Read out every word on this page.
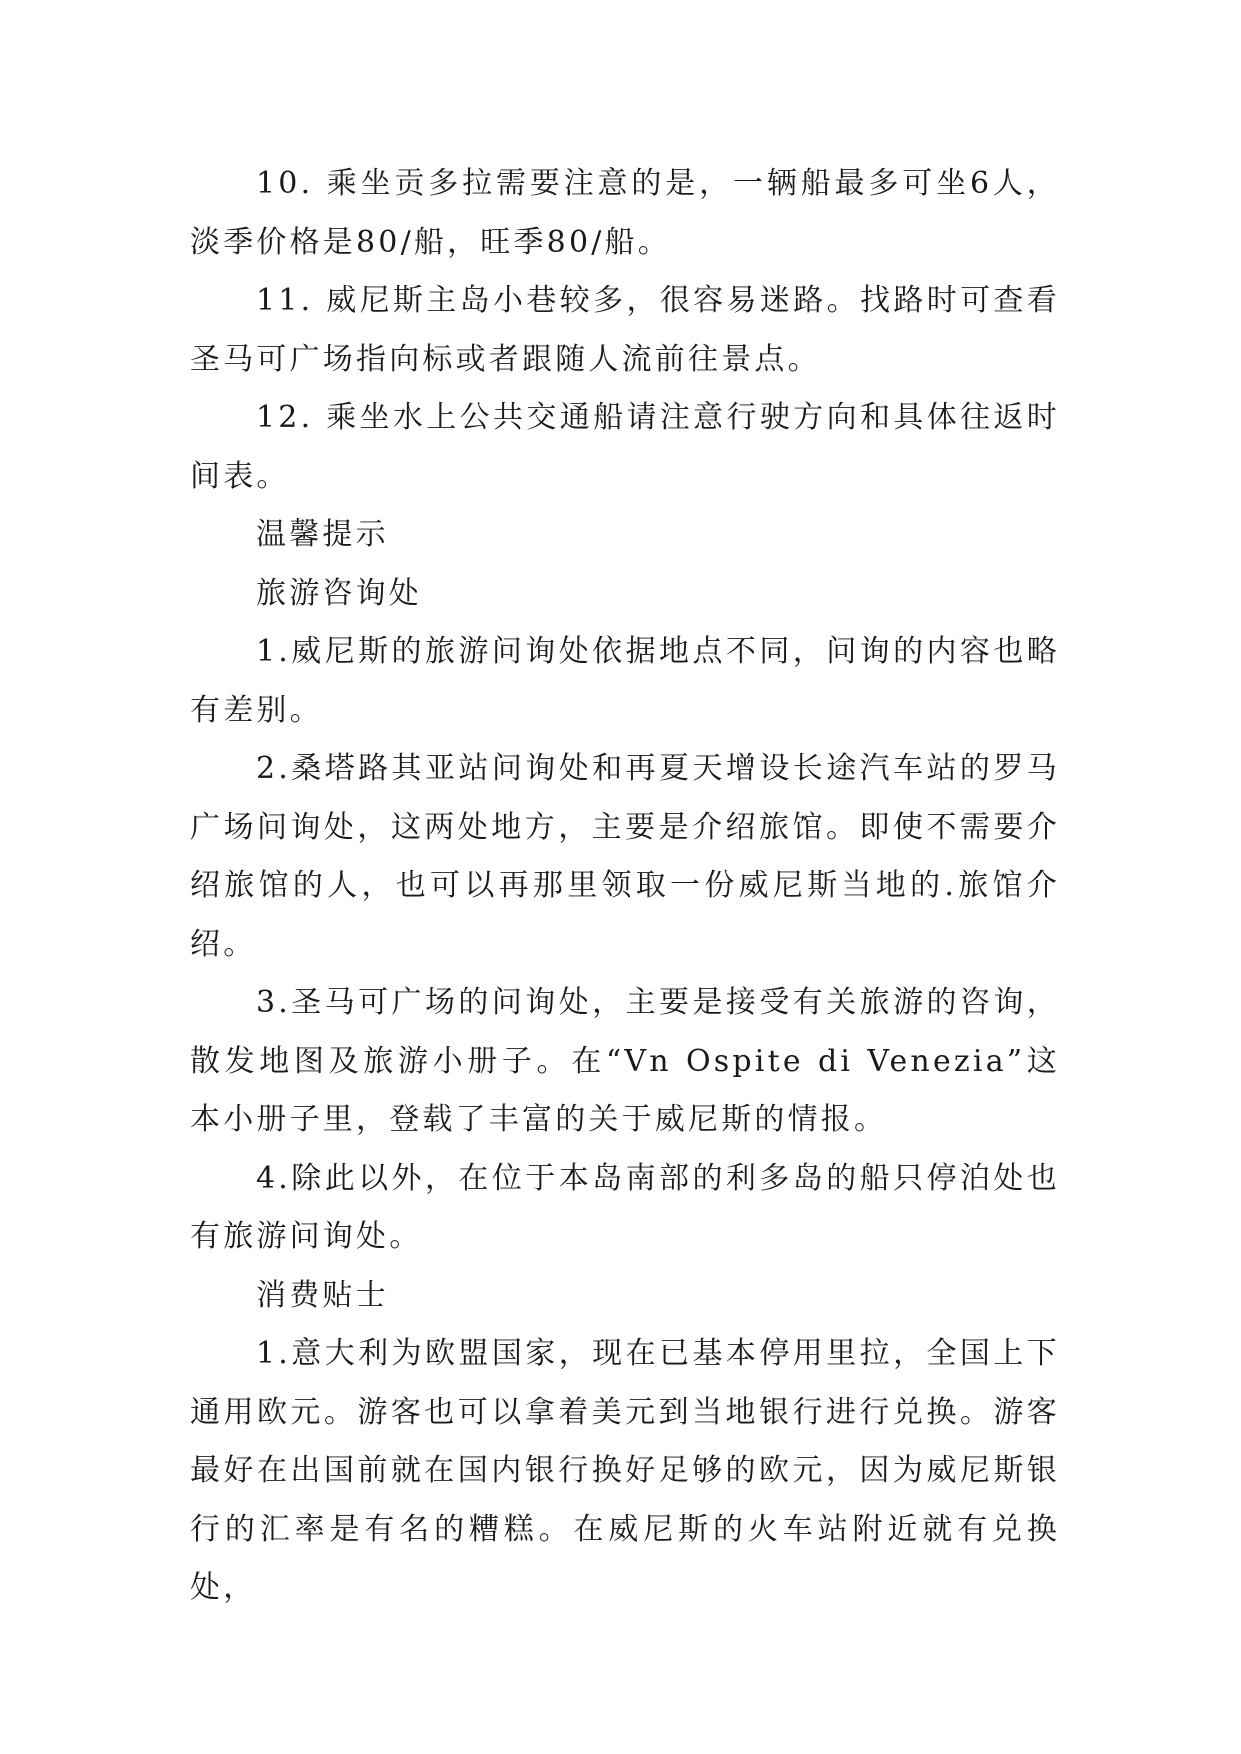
10. 乘坐贡多拉需要注意的是，一辆船最多可坐6人，淡季价格是80/船，旺季80/船。

11. 威尼斯主岛小巷较多，很容易迷路。找路时可查看圣马可广场指向标或者跟随人流前往景点。

12. 乘坐水上公共交通船请注意行驶方向和具体往返时间表。

温馨提示

旅游咨询处

1.威尼斯的旅游问询处依据地点不同，问询的内容也略有差别。

2.桑塔路其亚站问询处和再夏天增设长途汽车站的罗马广场问询处，这两处地方，主要是介绍旅馆。即使不需要介绍旅馆的人，也可以再那里领取一份威尼斯当地的.旅馆介绍。

3.圣马可广场的问询处，主要是接受有关旅游的咨询，散发地图及旅游小册子。在“Vn Ospite di Venezia”这本小册子里，登载了丰富的关于威尼斯的情报。

4.除此以外，在位于本岛南部的利多岛的船只停泊处也有旅游问询处。

消费贴士

1.意大利为欧盟国家，现在已基本停用里拉，全国上下通用欧元。游客也可以拿着美元到当地银行进行兑换。游客最好在出国前就在国内银行换好足够的欧元，因为威尼斯银行的汇率是有名的糟糕。在威尼斯的火车站附近就有兑换处，
